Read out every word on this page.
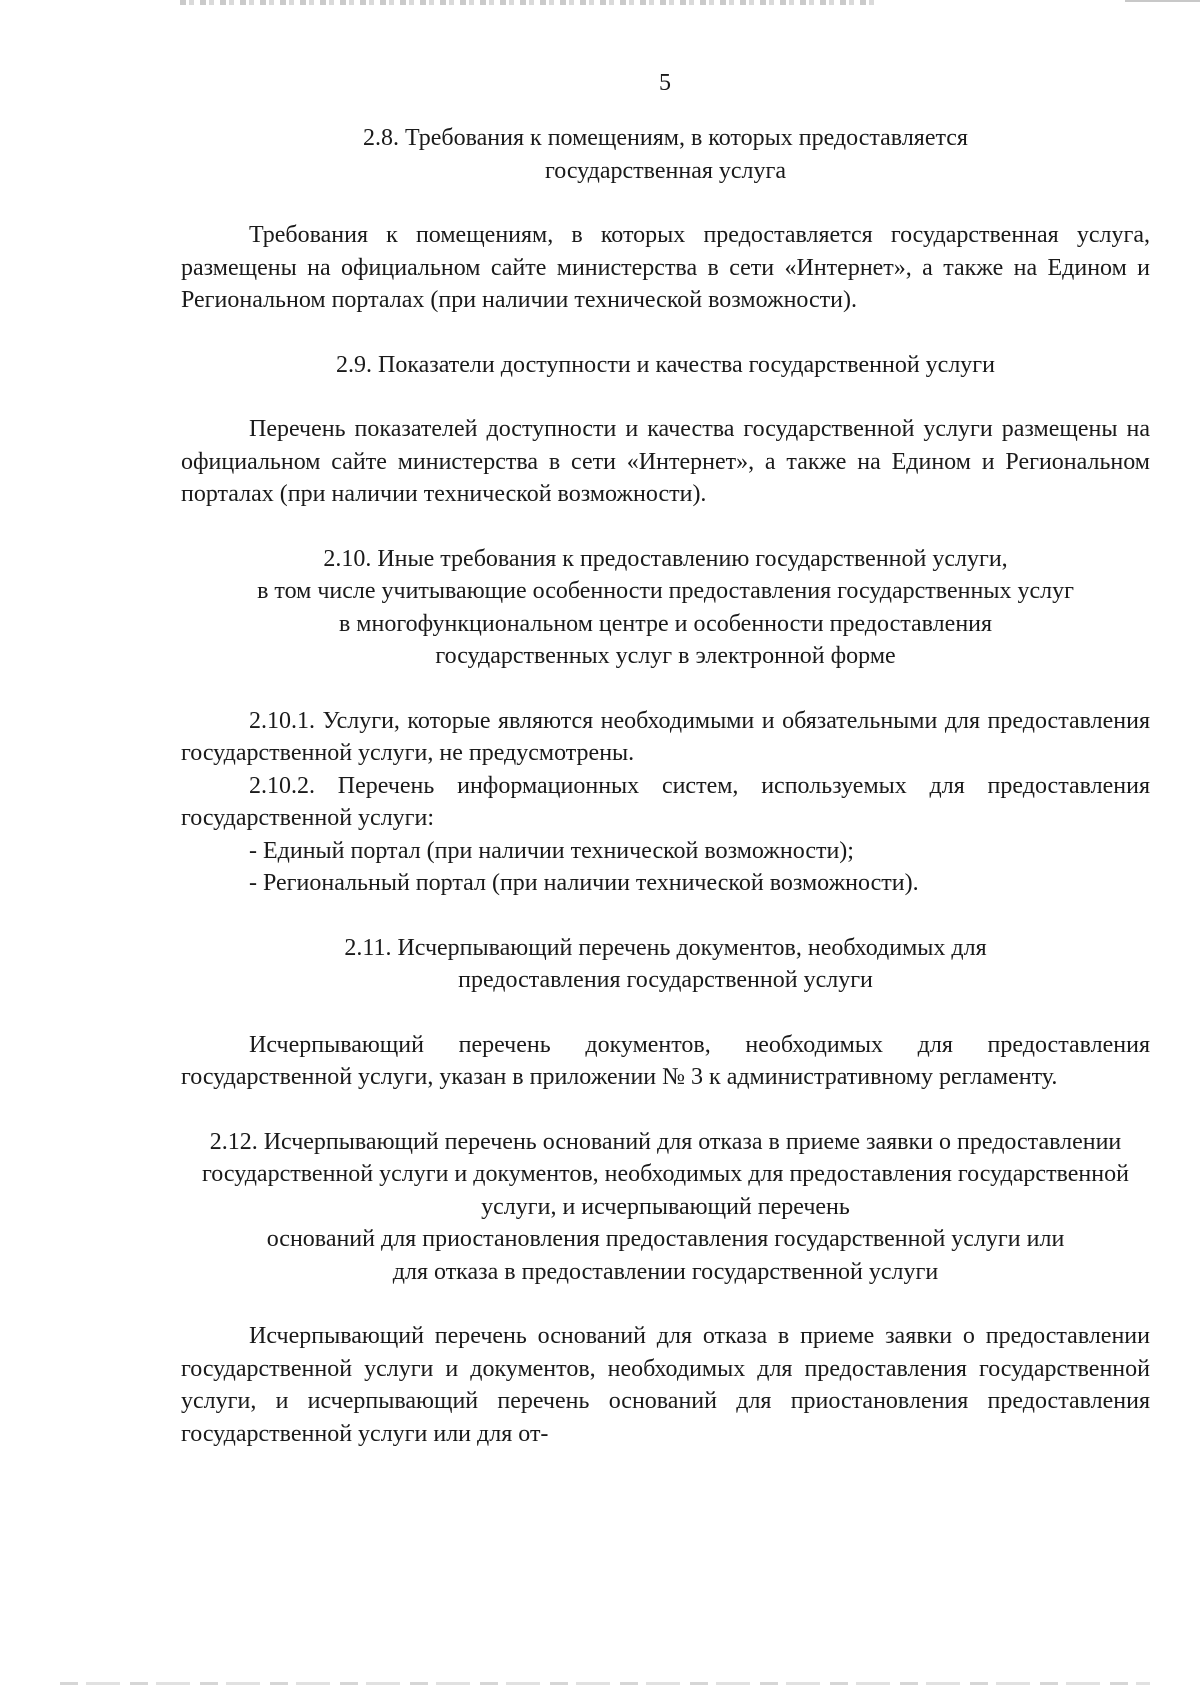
5

2.8. Требования к помещениям, в которых предоставляется
государственная услуга

Требования к помещениям, в которых предоставляется государственная услуга, размещены на официальном сайте министерства в сети «Интернет», а также на Едином и Региональном порталах (при наличии технической возможности).

2.9. Показатели доступности и качества государственной услуги

Перечень показателей доступности и качества государственной услуги размещены на официальном сайте министерства в сети «Интернет», а также на Едином и Региональном порталах (при наличии технической возможности).

2.10. Иные требования к предоставлению государственной услуги,
в том числе учитывающие особенности предоставления государственных услуг
в многофункциональном центре и особенности предоставления
государственных услуг в электронной форме

2.10.1. Услуги, которые являются необходимыми и обязательными для предоставления государственной услуги, не предусмотрены.

2.10.2. Перечень информационных систем, используемых для предоставления государственной услуги:

- Единый портал (при наличии технической возможности);

- Региональный портал (при наличии технической возможности).

2.11. Исчерпывающий перечень документов, необходимых для
предоставления государственной услуги

Исчерпывающий перечень документов, необходимых для предоставления государственной услуги, указан в приложении № 3 к административному регламенту.

2.12. Исчерпывающий перечень оснований для отказа в приеме заявки о предоставлении государственной услуги и документов, необходимых для предоставления государственной услуги, и исчерпывающий перечень
оснований для приостановления предоставления государственной услуги или
для отказа в предоставлении государственной услуги

Исчерпывающий перечень оснований для отказа в приеме заявки о предоставлении государственной услуги и документов, необходимых для предоставления государственной услуги, и исчерпывающий перечень оснований для приостановления предоставления государственной услуги или для от-
